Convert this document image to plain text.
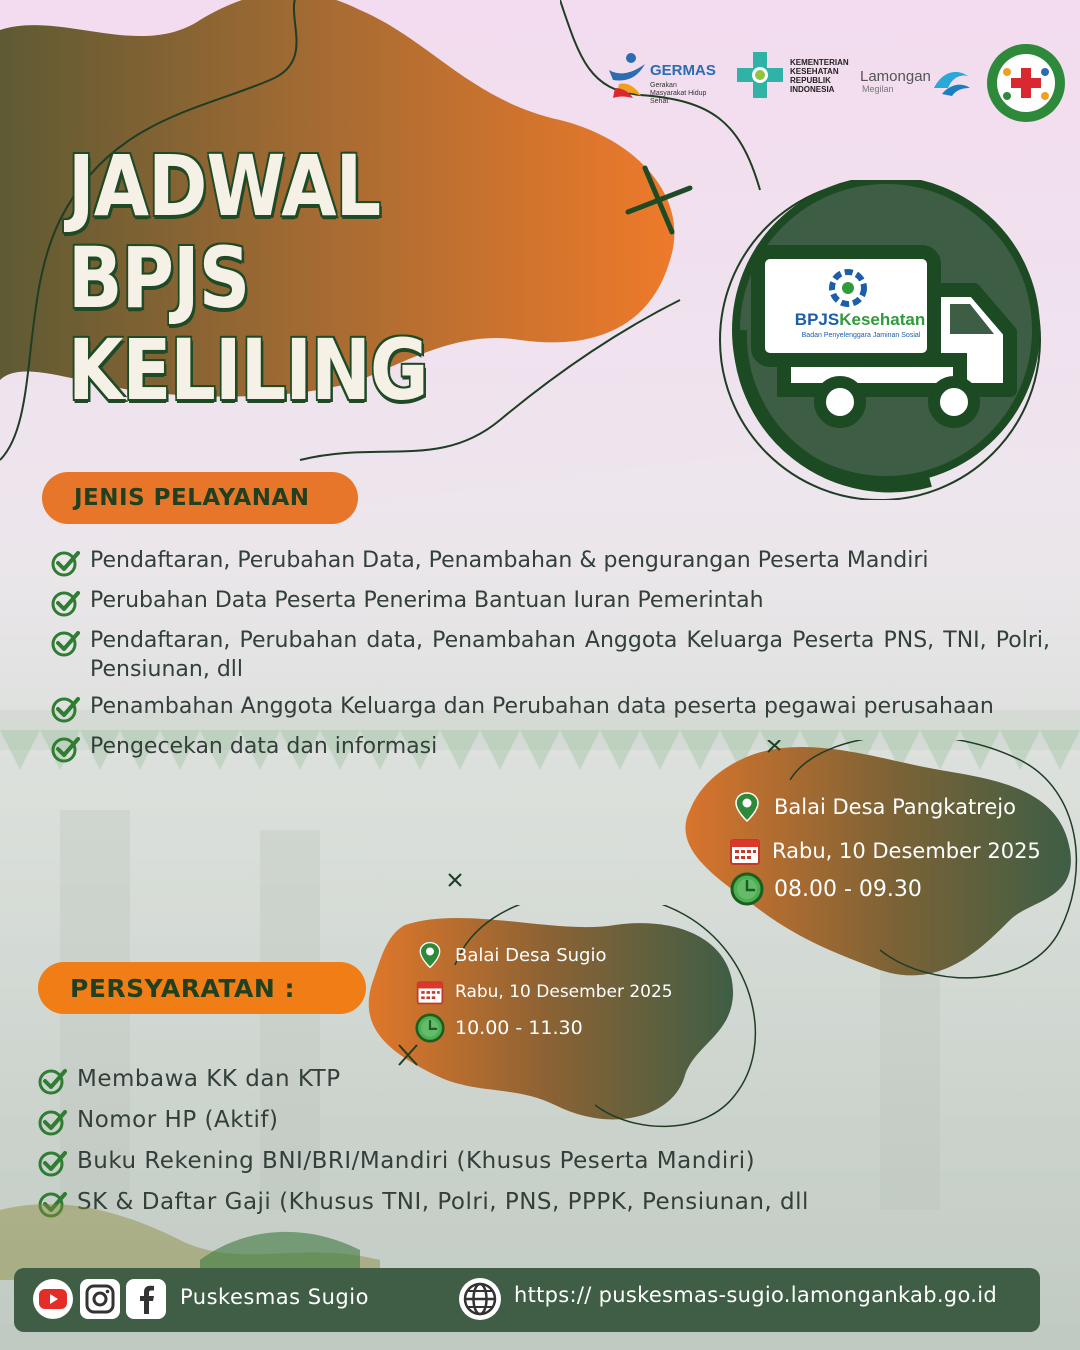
JADWAL BPJS
KELILING
GERMAS
Gerakan Masyarakat Hidup Sehat
KEMENTERIAN KESEHATAN REPUBLIK INDONESIA
Lamongan
Megilan
BPJSKesehatan
Badan Penyelenggara Jaminan Sosial
JENIS PELAYANAN
Pendaftaran, Perubahan Data, Penambahan & pengurangan Peserta Mandiri
Perubahan Data Peserta Penerima Bantuan Iuran Pemerintah
Pendaftaran, Perubahan data, Penambahan Anggota Keluarga Peserta PNS, TNI, Polri, Pensiunan, dll
Penambahan Anggota Keluarga dan Perubahan data peserta pegawai perusahaan
Pengecekan data dan informasi
Balai Desa Pangkatrejo
Rabu, 10 Desember 2025
08.00 - 09.30
Balai Desa Sugio
Rabu, 10 Desember 2025
10.00 - 11.30
PERSYARATAN :
Membawa KK dan KTP
Nomor HP (Aktif)
Buku Rekening BNI/BRI/Mandiri (Khusus Peserta Mandiri)
SK & Daftar Gaji (Khusus TNI, Polri, PNS, PPPK, Pensiunan, dll
Puskesmas Sugio	https:// puskesmas-sugio.lamongankab.go.id
